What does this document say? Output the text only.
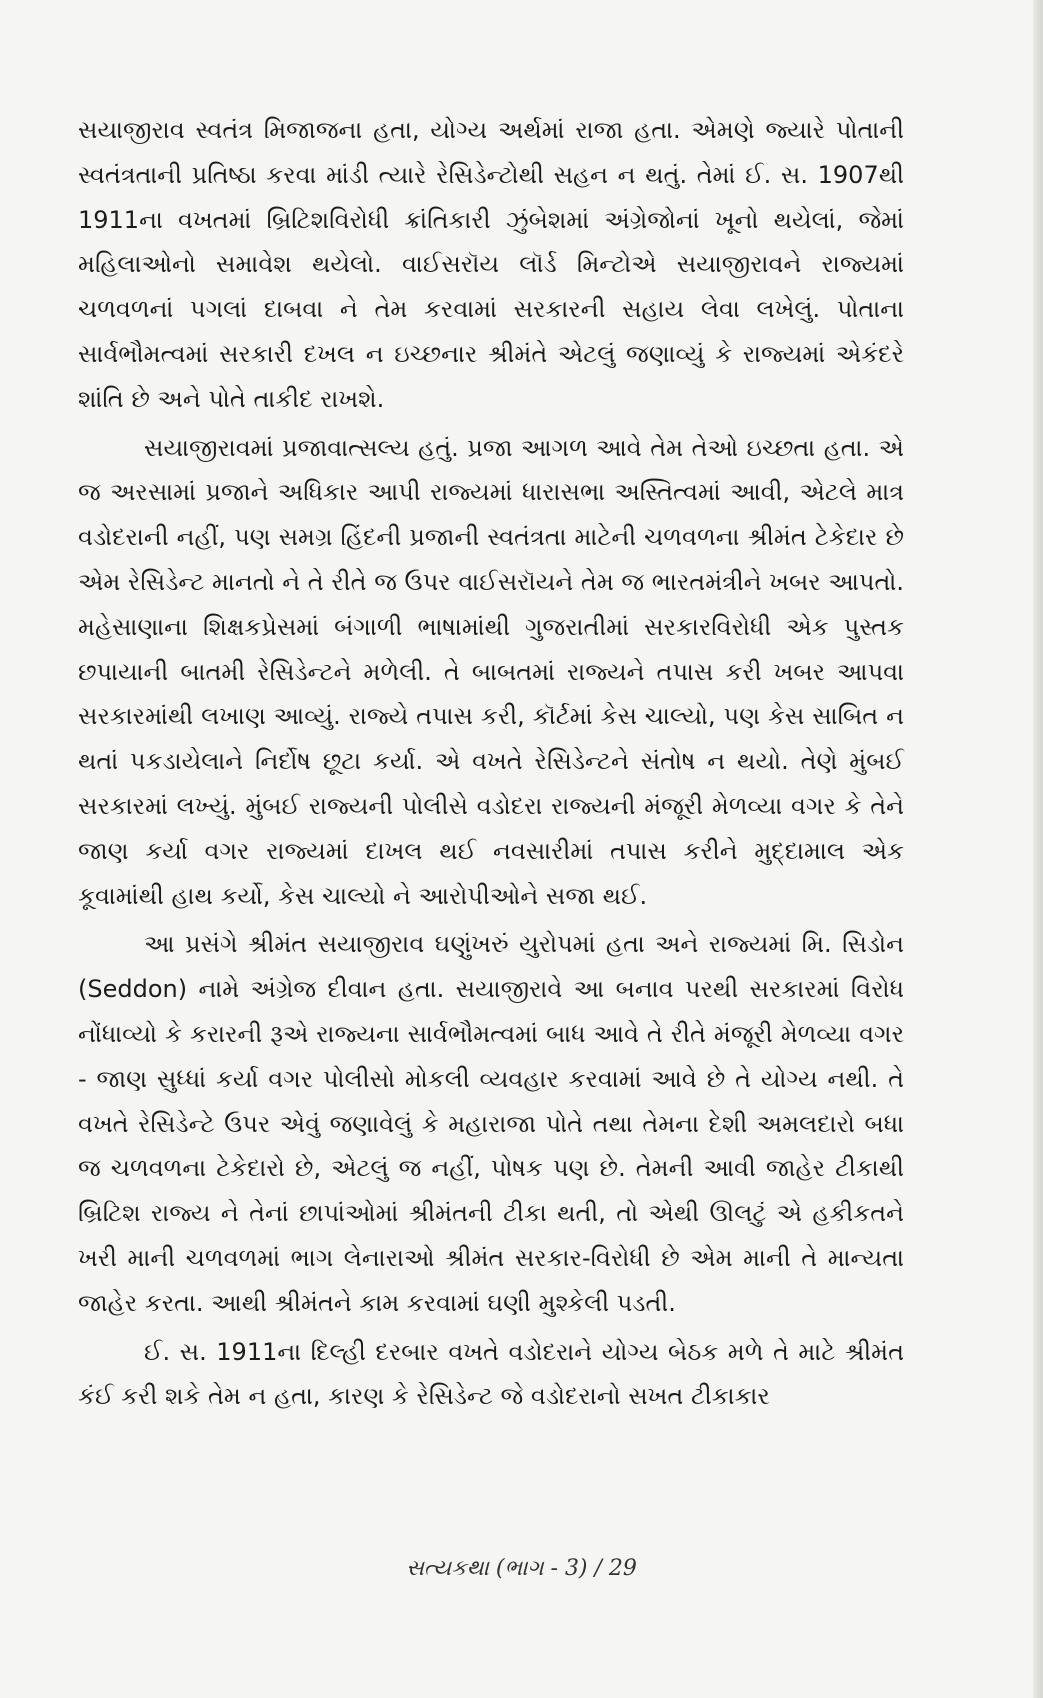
સયાજીરાવ સ્વતંત્ર મિજાજના હતા, યોગ્ય અર્થમાં રાજા હતા. એમણે જ્યારે પોતાની સ્વતંત્રતાની પ્રતિષ્ઠા કરવા માંડી ત્યારે રેસિડેન્ટોથી સહન ન થતું. તેમાં ઈ. સ. 1907થી 1911ના વખતમાં બ્રિટિશવિરોધી ક્રાંતિકારી ઝુંબેશમાં અંગ્રેજોનાં ખૂનો થયેલાં, જેમાં મહિલાઓનો સમાવેશ થયેલો. વાઈસરૉય લૉર્ડ મિન્ટોએ સયાજીરાવને રાજ્યમાં ચળવળનાં પગલાં દાબવા ને તેમ કરવામાં સરકારની સહાય લેવા લખેલું. પોતાના સાર્વભૌમત્વમાં સરકારી દખલ ન ઇચ્છનાર શ્રીમંતે એટલું જણાવ્યું કે રાજ્યમાં એકંદરે શાંતિ છે અને પોતે તાકીદ રાખશે.

સયાજીરાવમાં પ્રજાવાત્સલ્ય હતું. પ્રજા આગળ આવે તેમ તેઓ ઇચ્છતા હતા. એ જ અરસામાં પ્રજાને અધિકાર આપી રાજ્યમાં ધારાસભા અસ્તિત્વમાં આવી, એટલે માત્ર વડોદરાની નહીં, પણ સમગ્ર હિંદની પ્રજાની સ્વતંત્રતા માટેની ચળવળના શ્રીમંત ટેકેદાર છે એમ રેસિડેન્ટ માનતો ને તે રીતે જ ઉપર વાઈસરૉયને તેમ જ ભારતમંત્રીને ખબર આપતો. મહેસાણાના શિક્ષકપ્રેસમાં બંગાળી ભાષામાંથી ગુજરાતીમાં સરકારવિરોધી એક પુસ્તક છપાયાની બાતમી રેસિડેન્ટને મળેલી. તે બાબતમાં રાજ્યને તપાસ કરી ખબર આપવા સરકારમાંથી લખાણ આવ્યું. રાજ્યે તપાસ કરી, કૉર્ટમાં કેસ ચાલ્યો, પણ કેસ સાબિત ન થતાં પકડાયેલાને નિર્દોષ છૂટા કર્યા. એ વખતે રેસિડેન્ટને સંતોષ ન થયો. તેણે મુંબઈ સરકારમાં લખ્યું. મુંબઈ રાજ્યની પોલીસે વડોદરા રાજ્યની મંજૂરી મેળવ્યા વગર કે તેને જાણ કર્યા વગર રાજ્યમાં દાખલ થઈ નવસારીમાં તપાસ કરીને મુદ્દામાલ એક કૂવામાંથી હાથ કર્યો, કેસ ચાલ્યો ને આરોપીઓને સજા થઈ.

આ પ્રસંગે શ્રીમંત સયાજીરાવ ઘણુંખરું યુરોપમાં હતા અને રાજ્યમાં મિ. સિડોન (Seddon) નામે અંગ્રેજ દીવાન હતા. સયાજીરાવે આ બનાવ પરથી સરકારમાં વિરોધ નોંધાવ્યો કે કરારની રૂએ રાજ્યના સાર્વભૌમત્વમાં બાધ આવે તે રીતે મંજૂરી મેળવ્યા વગર - જાણ સુધ્ધાં કર્યા વગર પોલીસો મોકલી વ્યવહાર કરવામાં આવે છે તે યોગ્ય નથી. તે વખતે રેસિડેન્ટે ઉપર એવું જણાવેલું કે મહારાજા પોતે તથા તેમના દેશી અમલદારો બધા જ ચળવળના ટેકેદારો છે, એટલું જ નહીં, પોષક પણ છે. તેમની આવી જાહેર ટીકાથી બ્રિટિશ રાજ્ય ને તેનાં છાપાંઓમાં શ્રીમંતની ટીકા થતી, તો એથી ઊલટું એ હકીકતને ખરી માની ચળવળમાં ભાગ લેનારાઓ શ્રીમંત સરકાર-વિરોધી છે એમ માની તે માન્યતા જાહેર કરતા. આથી શ્રીમંતને કામ કરવામાં ઘણી મુશ્કેલી પડતી.

ઈ. સ. 1911ના દિલ્હી દરબાર વખતે વડોદરાને યોગ્ય બેઠક મળે તે માટે શ્રીમંત કંઈ કરી શકે તેમ ન હતા, કારણ કે રેસિડેન્ટ જે વડોદરાનો સખત ટીકાકાર

સત્યકથા (ભાગ - 3) / 29
